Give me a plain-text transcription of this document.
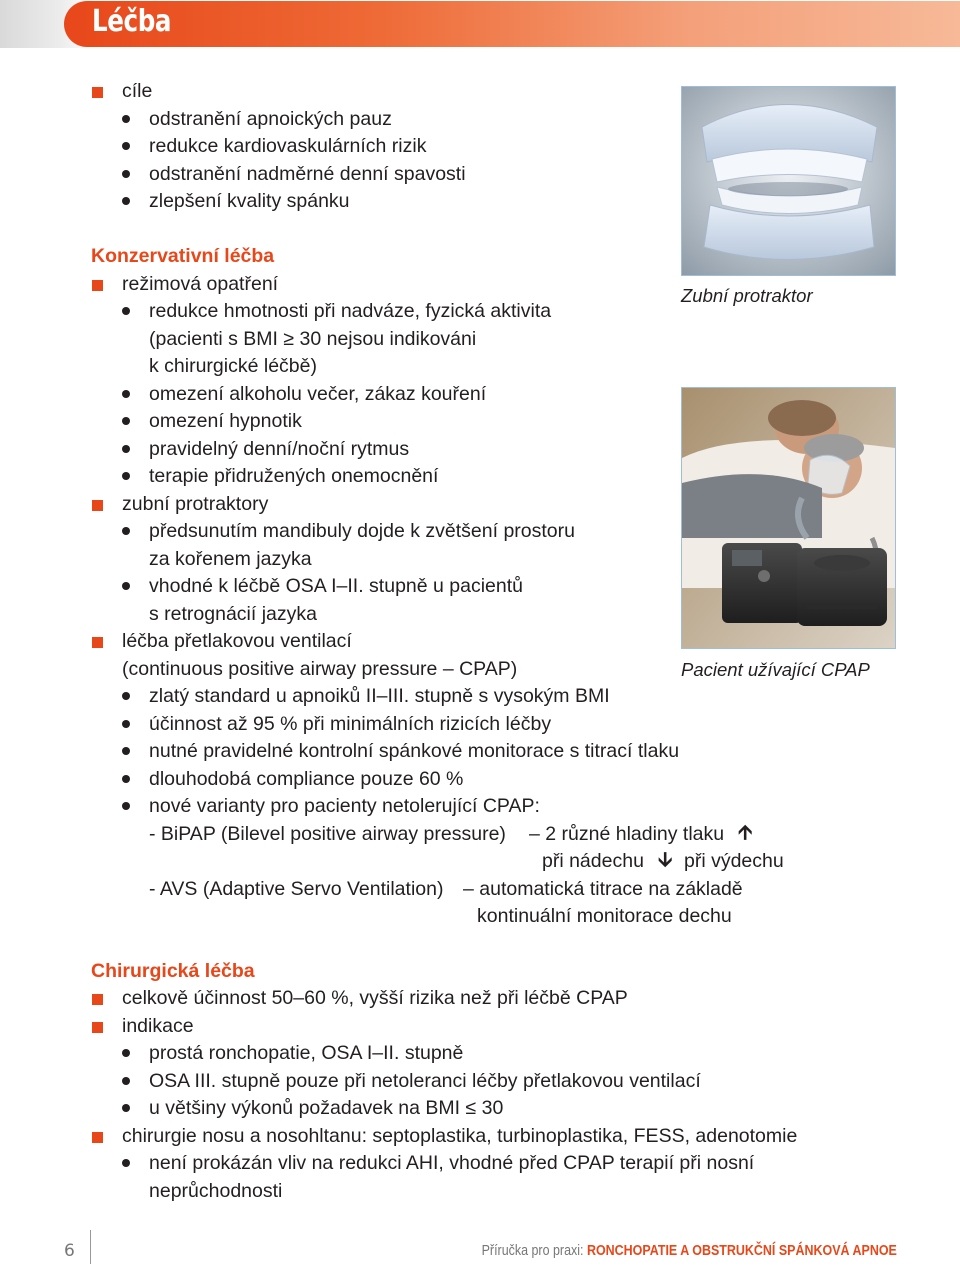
Léčba
cíle
odstranění apnoických pauz
redukce kardiovaskulárních rizik
odstranění nadměrné denní spavosti
zlepšení kvality spánku
Konzervativní léčba
režimová opatření
redukce hmotnosti při nadváze, fyzická aktivita
(pacienti s BMI ≥ 30 nejsou indikováni
k chirurgické léčbě)
omezení alkoholu večer, zákaz kouření
omezení hypnotik
pravidelný denní/noční rytmus
terapie přidružených onemocnění
zubní protraktory
předsunutím mandibuly dojde k zvětšení prostoru
za kořenem jazyka
vhodné k léčbě OSA I–II. stupně u pacientů
s retrognácií jazyka
léčba přetlakovou ventilací
(continuous positive airway pressure – CPAP)
zlatý standard u apnoiků II–III. stupně s vysokým BMI
účinnost až 95 % při minimálních rizicích léčby
nutné pravidelné kontrolní spánkové monitorace s titrací tlaku
dlouhodobá compliance pouze 60 %
nové varianty pro pacienty netolerující CPAP:
- BiPAP (Bilevel positive airway pressure) – 2 různé hladiny tlaku 🡩
při nádechu 🡫 při výdechu
- AVS (Adaptive Servo Ventilation) – automatická titrace na základě
kontinuální monitorace dechu
Chirurgická léčba
celkově účinnost 50–60 %, vyšší rizika než při léčbě CPAP
indikace
prostá ronchopatie, OSA I–II. stupně
OSA III. stupně pouze při netoleranci léčby přetlakovou ventilací
u většiny výkonů požadavek na BMI ≤ 30
chirurgie nosu a nosohltanu: septoplastika, turbinoplastika, FESS, adenotomie
není prokázán vliv na redukci AHI, vhodné před CPAP terapií při nosní
neprůchodnosti
Zubní protraktor
Pacient užívající CPAP
6	Příručka pro praxi: RONCHOPATIE A OBSTRUKČNÍ SPÁNKOVÁ APNOE
